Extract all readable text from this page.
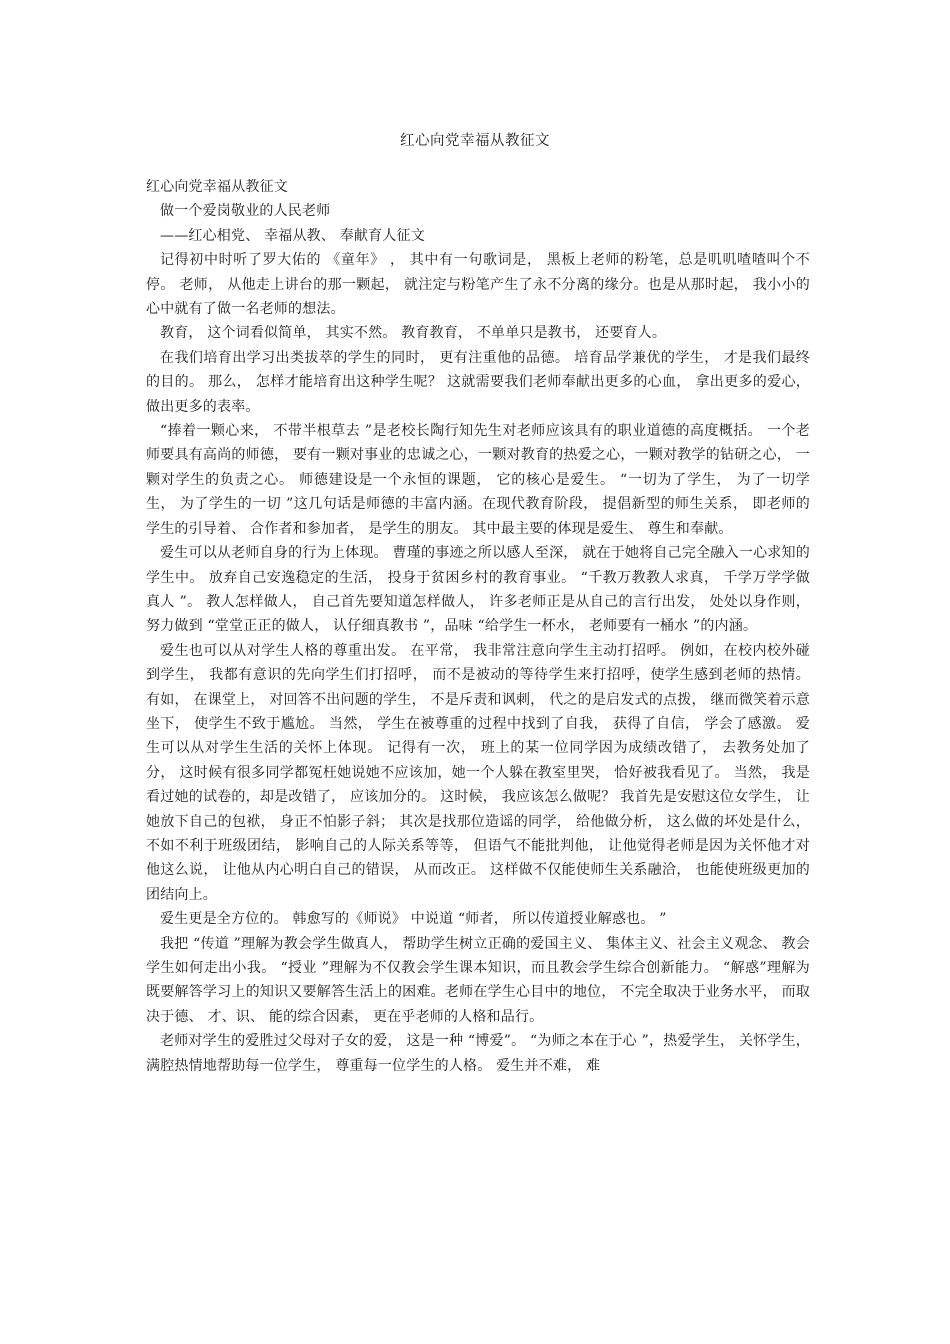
红心向党幸福从教征文

红心向党幸福从教征文

做一个爱岗敬业的人民老师

——红心相党、 幸福从教、 奉献育人征文

记得初中时听了罗大佑的 《童年》 ， 其中有一句歌词是， 黑板上老师的粉笔，总是叽叽喳喳叫个不停。 老师， 从他走上讲台的那一颗起， 就注定与粉笔产生了永不分离的缘分。也是从那时起， 我小小的心中就有了做一名老师的想法。

教育， 这个词看似简单， 其实不然。 教育教育， 不单单只是教书， 还要育人。

在我们培育出学习出类拔萃的学生的同时， 更有注重他的品德。 培育品学兼优的学生， 才是我们最终的目的。 那么， 怎样才能培育出这种学生呢？ 这就需要我们老师奉献出更多的心血， 拿出更多的爱心， 做出更多的表率。

“捧着一颗心来， 不带半根草去 ”是老校长陶行知先生对老师应该具有的职业道德的高度概括。 一个老师要具有高尚的师德， 要有一颗对事业的忠诚之心，一颗对教育的热爱之心，一颗对教学的钻研之心， 一颗对学生的负责之心。 师德建设是一个永恒的课题， 它的核心是爱生。 “一切为了学生， 为了一切学生， 为了学生的一切 ”这几句话是师德的丰富内涵。在现代教育阶段， 提倡新型的师生关系， 即老师的学生的引导着、 合作者和参加者， 是学生的朋友。 其中最主要的体现是爱生、 尊生和奉献。

爱生可以从老师自身的行为上体现。 曹瑾的事迹之所以感人至深， 就在于她将自己完全融入一心求知的学生中。 放弃自己安逸稳定的生活， 投身于贫困乡村的教育事业。 “千教万教教人求真， 千学万学学做真人 ”。 教人怎样做人， 自己首先要知道怎样做人， 许多老师正是从自己的言行出发， 处处以身作则， 努力做到 “堂堂正正的做人， 认仔细真教书 ”，品味 “给学生一杯水， 老师要有一桶水 ”的内涵。

爱生也可以从对学生人格的尊重出发。 在平常， 我非常注意向学生主动打招呼。 例如，在校内校外碰到学生， 我都有意识的先向学生们打招呼， 而不是被动的等待学生来打招呼，使学生感到老师的热情。 有如， 在课堂上， 对回答不出问题的学生， 不是斥责和讽刺， 代之的是启发式的点拨， 继而微笑着示意坐下， 使学生不致于尴尬。 当然， 学生在被尊重的过程中找到了自我， 获得了自信， 学会了感激。 爱生可以从对学生生活的关怀上体现。 记得有一次， 班上的某一位同学因为成绩改错了， 去教务处加了分， 这时候有很多同学都冤枉她说她不应该加，她一个人躲在教室里哭， 恰好被我看见了。 当然， 我是看过她的试卷的，却是改错了， 应该加分的。 这时候， 我应该怎么做呢？ 我首先是安慰这位女学生， 让她放下自己的包袱， 身正不怕影子斜； 其次是找那位造谣的同学， 给他做分析， 这么做的坏处是什么， 不如不利于班级团结， 影响自己的人际关系等等， 但语气不能批判他， 让他觉得老师是因为关怀他才对他这么说， 让他从内心明白自己的错误， 从而改正。 这样做不仅能使师生关系融洽， 也能使班级更加的团结向上。

爱生更是全方位的。 韩愈写的《师说》 中说道 “师者， 所以传道授业解惑也。 ”

我把 “传道 ”理解为教会学生做真人， 帮助学生树立正确的爱国主义、 集体主义、社会主义观念、 教会学生如何走出小我。 “授业 ”理解为不仅教会学生课本知识，而且教会学生综合创新能力。 “解惑”理解为既要解答学习上的知识又要解答生活上的困难。老师在学生心目中的地位， 不完全取决于业务水平， 而取决于德、 才、识、 能的综合因素， 更在乎老师的人格和品行。

老师对学生的爱胜过父母对子女的爱， 这是一种 “博爱”。 “为师之本在于心 ”，热爱学生， 关怀学生， 满腔热情地帮助每一位学生， 尊重每一位学生的人格。 爱生并不难， 难
